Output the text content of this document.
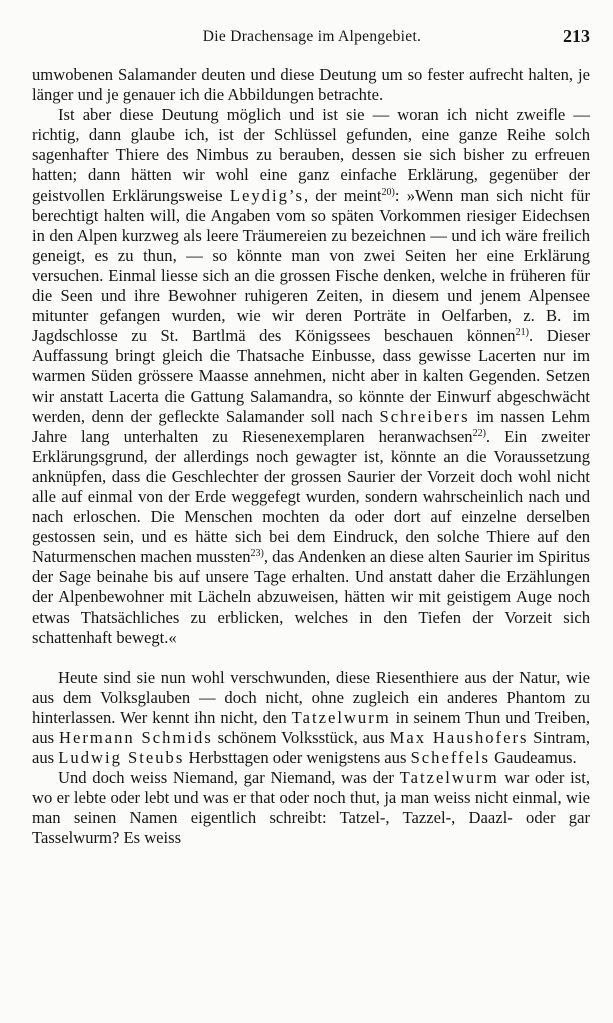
Die Drachensage im Alpengebiet.	213

umwobenen Salamander deuten und diese Deutung um so fester aufrecht halten, je länger und je genauer ich die Abbildungen betrachte.

Ist aber diese Deutung möglich und ist sie — woran ich nicht zweifle — richtig, dann glaube ich, ist der Schlüssel gefunden, eine ganze Reihe solch sagenhafter Thiere des Nimbus zu berauben, dessen sie sich bisher zu erfreuen hatten; dann hätten wir wohl eine ganz einfache Erklärung, gegenüber der geistvollen Erklärungsweise Leydig’s, der meint$^{20)}$: »Wenn man sich nicht für berechtigt halten will, die Angaben vom so späten Vorkommen riesiger Eidechsen in den Alpen kurzweg als leere Träumereien zu bezeichnen — und ich wäre freilich geneigt, es zu thun, — so könnte man von zwei Seiten her eine Erklärung versuchen. Einmal liesse sich an die grossen Fische denken, welche in früheren für die Seen und ihre Bewohner ruhigeren Zeiten, in diesem und jenem Alpensee mitunter gefangen wurden, wie wir deren Porträte in Oelfarben, z. B. im Jagdschlosse zu St. Bartlmä des Königssees beschauen können$^{21)}$. Dieser Auffassung bringt gleich die Thatsache Einbusse, dass gewisse Lacerten nur im warmen Süden grössere Maasse annehmen, nicht aber in kalten Gegenden. Setzen wir anstatt Lacerta die Gattung Salamandra, so könnte der Einwurf abgeschwächt werden, denn der gefleckte Salamander soll nach Schreibers im nassen Lehm Jahre lang unterhalten zu Riesenexemplaren heranwachsen$^{22)}$. Ein zweiter Erklärungsgrund, der allerdings noch gewagter ist, könnte an die Voraussetzung anknüpfen, dass die Geschlechter der grossen Saurier der Vorzeit doch wohl nicht alle auf einmal von der Erde weggefegt wurden, sondern wahrscheinlich nach und nach erloschen. Die Menschen mochten da oder dort auf einzelne derselben gestossen sein, und es hätte sich bei dem Eindruck, den solche Thiere auf den Naturmenschen machen mussten$^{23)}$, das Andenken an diese alten Saurier im Spiritus der Sage beinahe bis auf unsere Tage erhalten. Und anstatt daher die Erzählungen der Alpenbewohner mit Lächeln abzuweisen, hätten wir mit geistigem Auge noch etwas Thatsächliches zu erblicken, welches in den Tiefen der Vorzeit sich schattenhaft bewegt.«

Heute sind sie nun wohl verschwunden, diese Riesenthiere aus der Natur, wie aus dem Volksglauben — doch nicht, ohne zugleich ein anderes Phantom zu hinterlassen. Wer kennt ihn nicht, den Tatzelwurm in seinem Thun und Treiben, aus Hermann Schmids schönem Volksstück, aus Max Haushofers Sintram, aus Ludwig Steubs Herbsttagen oder wenigstens aus Scheffels Gaudeamus.

Und doch weiss Niemand, gar Niemand, was der Tatzelwurm war oder ist, wo er lebte oder lebt und was er that oder noch thut, ja man weiss nicht einmal, wie man seinen Namen eigentlich schreibt: Tatzel-, Tazzel-, Daazl- oder gar Tasselwurm? Es weiss
